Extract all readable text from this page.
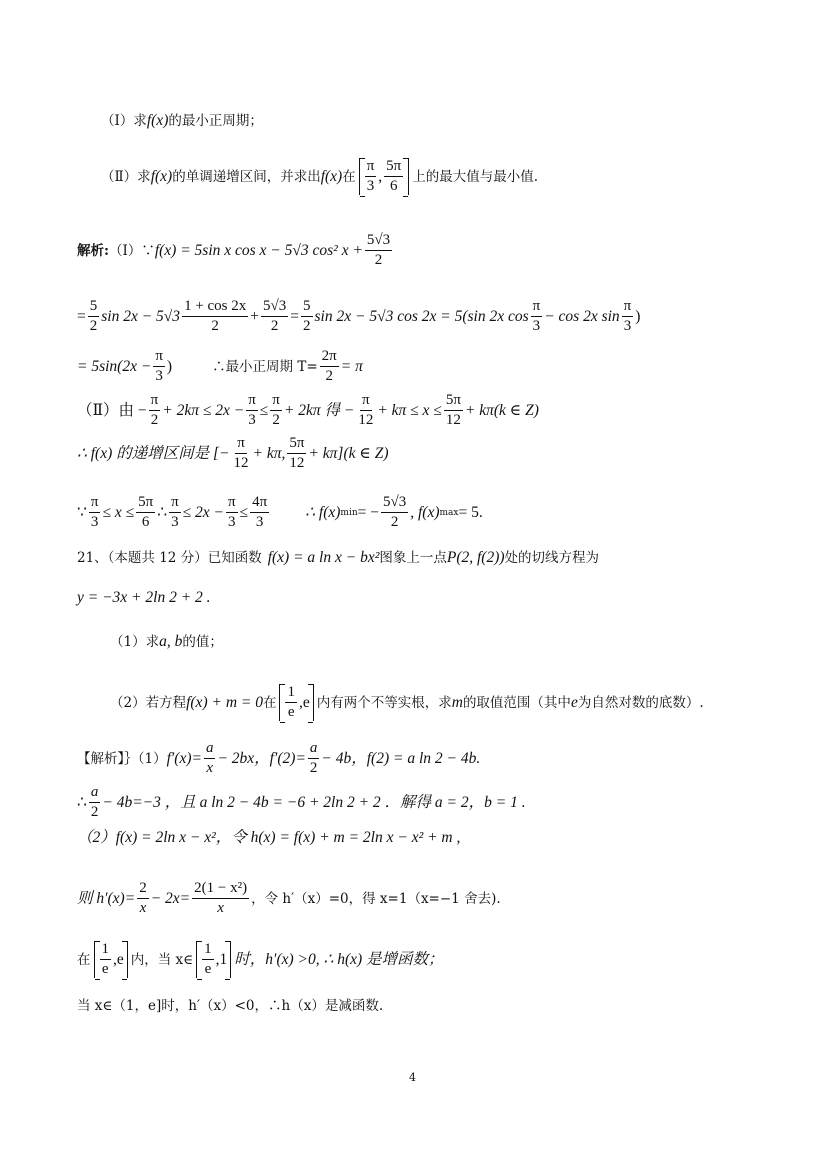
（Ⅰ）求 f(x) 的最小正周期；
（Ⅱ）求 f(x) 的单调递增区间，并求出 f(x) 在 $\frac{\pi}{3}$ , $\frac{5\pi}{6}$ 上的最大值与最小值.
解析: （Ⅰ）∵ f(x) = 5sin x cos x − 5√3 cos² $x + \frac{5√3}{2}$
= $\frac{5}{2}$ $\sin 2x - 5√3 \frac{1 + \cos 2x}{2} + \frac{5√3}{2} = \frac{5}{2}$ sin 2x − 5√3 cos 2x = 5(sin 2x $\cos \frac{\pi}{3} - \cos 2x$ $\sin \frac{\pi}{3}$ )
= $5\sin(2x - \frac{\pi}{3}$ )	∴最小正周期 $T= \frac{2\pi}{2} = \pi$
（Ⅱ）由 − $\frac{\pi}{2} + 2k\pi \le 2x - \frac{\pi}{3} \le \frac{\pi}{2} + 2k\pi$ 得 − $\frac{\pi}{12} + k\pi \le x \le \frac{5\pi}{12} + k\pi(k$ ∈ Z)
∴ f(x) 的递增区间是 [− $\frac{\pi}{12} + k\pi$, $\frac{5\pi}{12} + k\pi](k$ ∈ Z)
∵ $\frac{\pi}{3} \le x \le \frac{5\pi}{6}$ ∴ $\frac{\pi}{3} \le 2x - \frac{\pi}{3} \le \frac{4\pi}{3}$ ∴ f(x) min = − $\frac{5√3}{2}$ , f(x) max = 5.
21、（本题共 12 分）已知函数 f(x) = a ln x − bx² 图象上一点 P(2, f(2)) 处的切线方程为
y = −3x + 2ln 2 + 2 .
（1）求 a, b 的值；
（2）若方程 f(x) + m = 0 在 $\frac{1}{e} ,e$ 内有两个不等实根，求 m 的取值范围（其中 e 为自然对数的底数）.
【解析】｝（1） $f'(x)= \frac{a}{x} - 2bx$，$f'(2)= \frac{a}{2} - 4b$，f(2) = a ln 2 − 4b.
∴ $\frac{a}{2} - 4b=-3$ ，且 a ln 2 − 4b = −6 + 2ln 2 + 2 ．解得 a = 2，b = 1 .
（2）f(x) = 2ln x − x²，令 h(x) = f(x) + m = 2ln x − x² + m ,
则 $h'(x)= \frac{2}{x} - 2x= \frac{\text{2(1 − x²)}}{x}$ ，令 h′（x）=0，得 x=1（x=−1 舍去).
在 $\frac{1}{e} ,e$ 内，当 x∈ $\frac{1}{e} ,1$ 时，h′(x) >0, ∴ h(x) 是增函数；
当 x∈（1，e]时，h′（x）<0，∴h（x）是减函数.
4
